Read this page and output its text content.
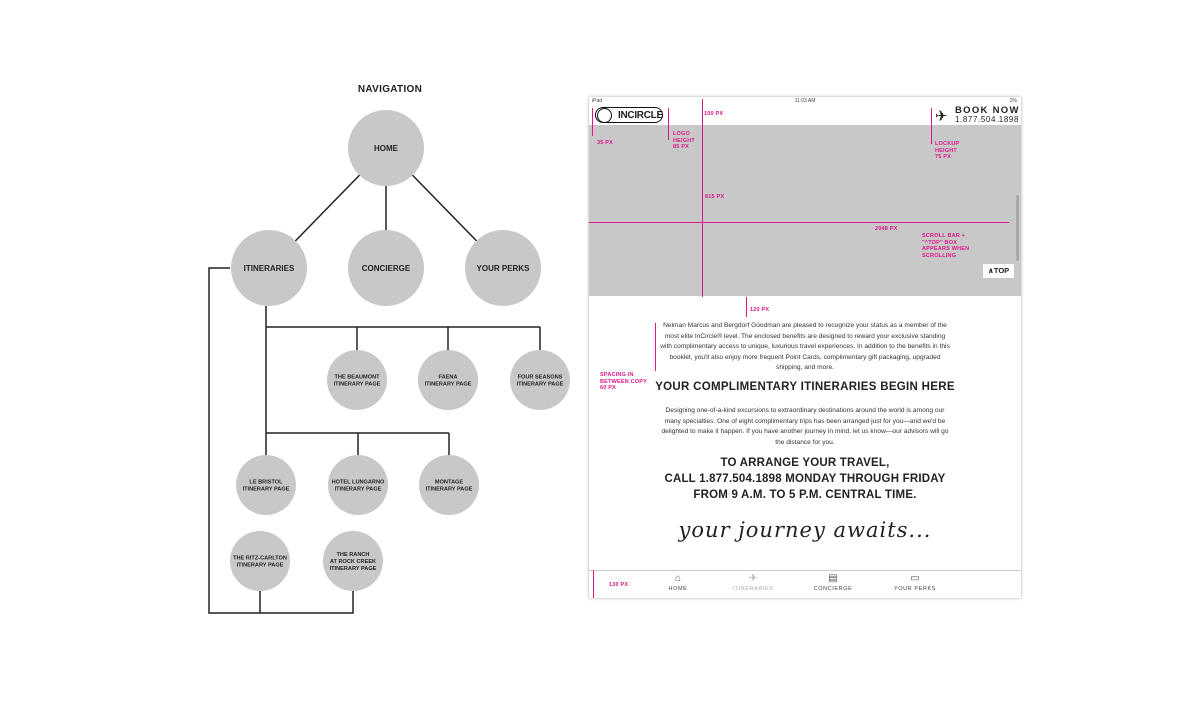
NAVIGATION
HOME
ITINERARIES	CONCIERGE	YOUR PERKS
THE BEAUMONT
ITINERARY PAGE
FAENA
ITINERARY PAGE
FOUR SEASONS
ITINERARY PAGE
LE BRISTOL
ITINERARY PAGE
HOTEL LUNGARNO
ITINERARY PAGE
MONTAGE
ITINERARY PAGE
THE RITZ-CARLTON
ITINERARY PAGE
THE RANCH
AT ROCK CREEK
ITINERARY PAGE
iPad	11:03 AM	2%
INCIRCLE	✈ BOOK NOW
1.877.504.1898
∧TOP
Neiman Marcus and Bergdorf Goodman are pleased to recognize your status as a member of the most elite InCircle® level. The enclosed benefits are designed to reward your exclusive standing with complimentary access to unique, luxurious travel experiences. In addition to the benefits in this booklet, you'll also enjoy more frequent Point Cards, complimentary gift packaging, upgraded shipping, and more.
YOUR COMPLIMENTARY ITINERARIES BEGIN HERE
Designing one-of-a-kind excursions to extraordinary destinations around the world is among our many specialties. One of eight complimentary trips has been arranged just for you—and we'd be delighted to make it happen. If you have another journey in mind, let us know—our advisors will go the distance for you.
TO ARRANGE YOUR TRAVEL,
CALL 1.877.504.1898 MONDAY THROUGH FRIDAY
FROM 9 A.M. TO 5 P.M. CENTRAL TIME.
your journey awaits...
⌂
HOME
✈
ITINERARIES
▤
CONCIERGE
▭
YOUR PERKS
100 PX
35 PX
LOGO
HEIGHT
85 PX	LOCKUP
HEIGHT
75 PX
815 PX
2048 PX
SCROLL BAR +
"^TOP" BOX
APPEARS WHEN
SCROLLING
120 PX
SPACING IN
BETWEEN COPY
60 PX
130 PX
